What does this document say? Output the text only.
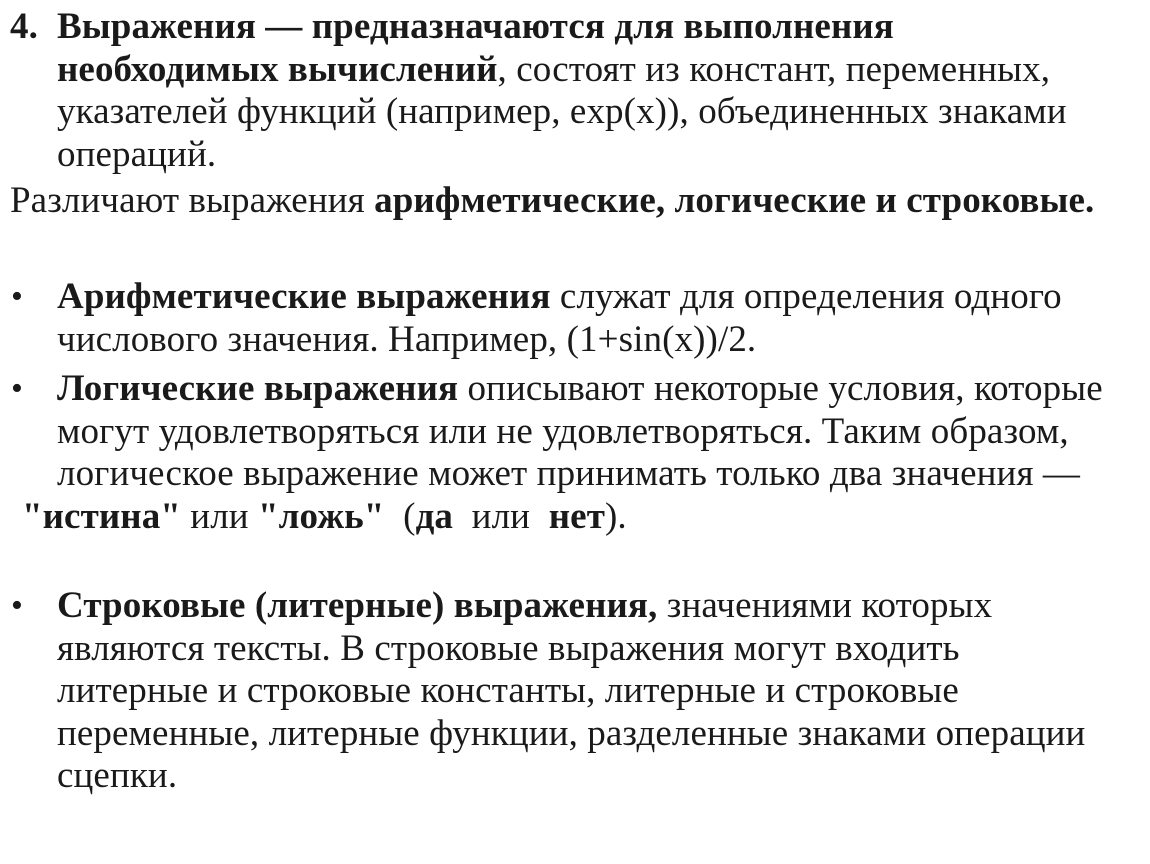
4. Выражения — предназначаются для выполнения необходимых вычислений, состоят из констант, переменных, указателей функций (например, exp(x)), объединенных знаками операций.
Различают выражения арифметические, логические и строковые.
• Арифметические выражения служат для определения одного числового значения. Например, (1+sin(x))/2.
• Логические выражения описывают некоторые условия, которые могут удовлетворяться или не удовлетворяться. Таким образом, логическое выражение может принимать только два значения —
"истина" или "ложь"  (да  или  нет).
• Строковые (литерные) выражения, значениями которых являются тексты. В строковые выражения могут входить литерные и строковые константы, литерные и строковые переменные, литерные функции, разделенные знаками операции сцепки.
